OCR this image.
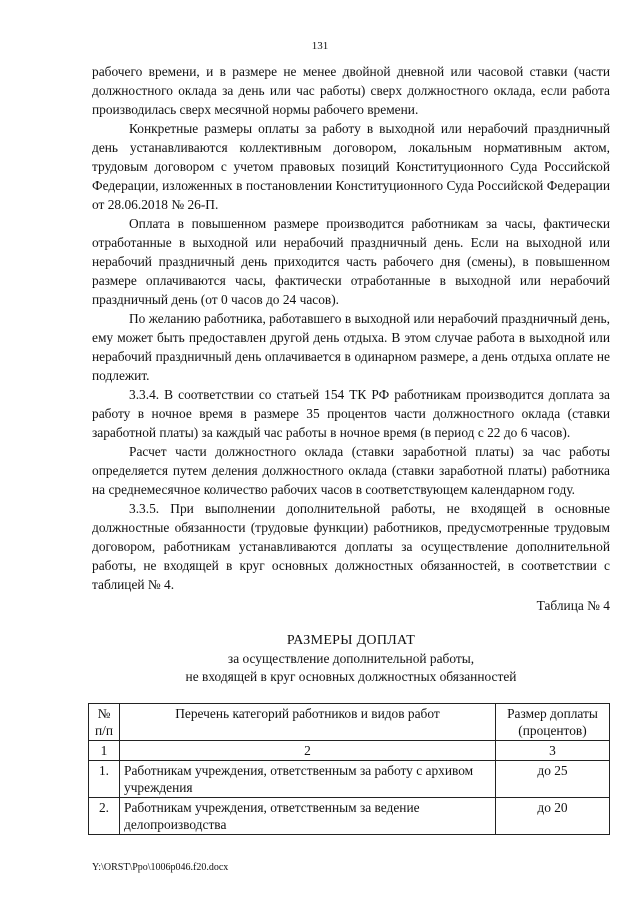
131

рабочего времени, и в размере не менее двойной дневной или часовой ставки (части должностного оклада за день или час работы) сверх должностного оклада, если работа производилась сверх месячной нормы рабочего времени.

Конкретные размеры оплаты за работу в выходной или нерабочий праздничный день устанавливаются коллективным договором, локальным нормативным актом, трудовым договором с учетом правовых позиций Конституционного Суда Российской Федерации, изложенных в постановлении Конституционного Суда Российской Федерации от 28.06.2018 № 26-П.

Оплата в повышенном размере производится работникам за часы, фактически отработанные в выходной или нерабочий праздничный день. Если на выходной или нерабочий праздничный день приходится часть рабочего дня (смены), в повышенном размере оплачиваются часы, фактически отработанные в выходной или нерабочий праздничный день (от 0 часов до 24 часов).

По желанию работника, работавшего в выходной или нерабочий праздничный день, ему может быть предоставлен другой день отдыха. В этом случае работа в выходной или нерабочий праздничный день оплачивается в одинарном размере, а день отдыха оплате не подлежит.

3.3.4. В соответствии со статьей 154 ТК РФ работникам производится доплата за работу в ночное время в размере 35 процентов части должностного оклада (ставки заработной платы) за каждый час работы в ночное время (в период с 22 до 6 часов).

Расчет части должностного оклада (ставки заработной платы) за час работы определяется путем деления должностного оклада (ставки заработной платы) работника на среднемесячное количество рабочих часов в соответствующем календарном году.

3.3.5. При выполнении дополнительной работы, не входящей в основные должностные обязанности (трудовые функции) работников, предусмотренные трудовым договором, работникам устанавливаются доплаты за осуществление дополнительной работы, не входящей в круг основных должностных обязанностей, в соответствии с таблицей № 4.

Таблица № 4
РАЗМЕРЫ ДОПЛАТ
за осуществление дополнительной работы,
не входящей в круг основных должностных обязанностей
№ п/п	Перечень категорий работников и видов работ	Размер доплаты (процентов)
1	2	3
1.	Работникам учреждения, ответственным за работу с архивом учреждения	до 25
2.	Работникам учреждения, ответственным за ведение делопроизводства	до 20
Y:\ORST\Ppo\1006p046.f20.docx
